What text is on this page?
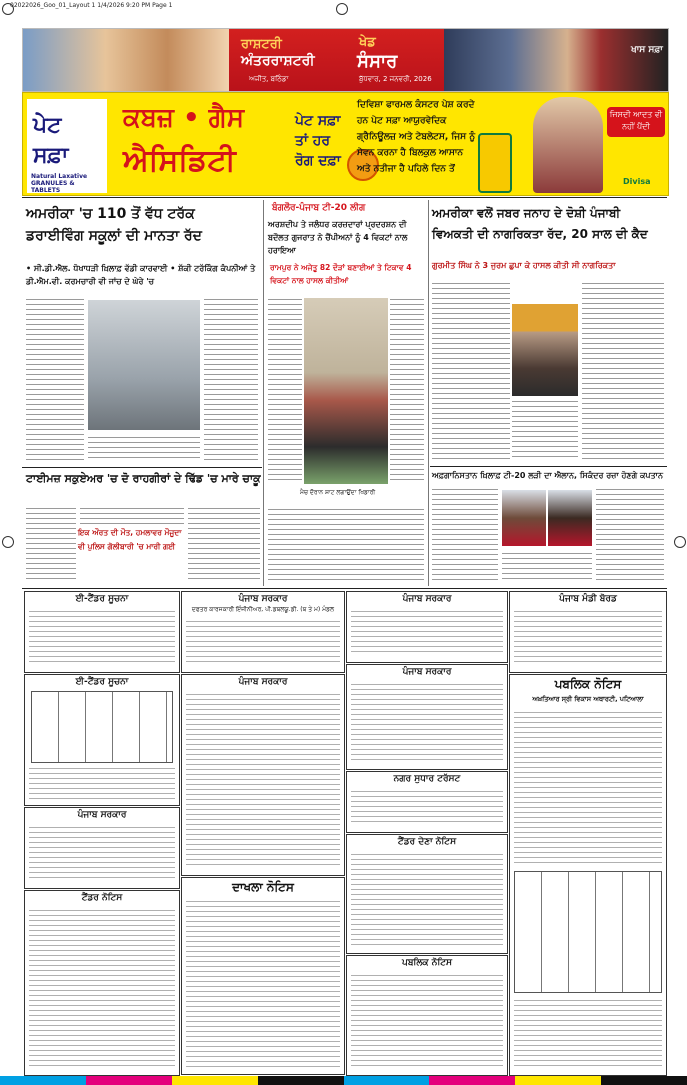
02022026_Goo_01_Layout 1 1/4/2026 9:20 PM Page 1
ਰਾਸ਼ਟਰੀ
ਅੰਤਰਰਾਸ਼ਟਰੀ
ਖੇਡ
ਸੰਸਾਰ
ਅਜੀਤ, ਬਠਿੰਡਾ	ਬੁੱਧਵਾਰ, 2 ਜਨਵਰੀ, 2026
ਖਾਸ ਸਫ਼ਾ
ਪੇਟ
ਸਫ਼ਾ
Natural Laxative GRANULES & TABLETS
ਕਬਜ਼ • ਗੈਸ
ਐਸਿਡਿਟੀ
ਪੇਟ ਸਫ਼ਾ
ਤਾਂ ਹਰ
ਰੋਗ ਦਫ਼ਾ
ਦਿਵਿਸ਼ਾ ਫਾਰਮਲ ਕੰਸਟਰ ਪੇਸ਼ ਕਰਦੇ ਹਨ ਪੇਟ ਸਫ਼ਾ ਆਯੁਰਵੇਦਿਕ ਗ੍ਰੈਨਿਊਲਜ਼ ਅਤੇ ਟੇਬਲੇਟਸ, ਜਿਸ ਨੂੰ ਸੇਵਨ ਕਰਨਾ ਹੈ ਬਿਲਕੁਲ ਆਸਾਨ ਅਤੇ ਨਤੀਜਾ ਹੈ ਪਹਿਲੇ ਦਿਨ ਤੋਂ
ਜਿਸਦੀ ਆਦਤ ਵੀ ਨਹੀਂ ਪੈਂਦੀ
Divisa
ਅਮਰੀਕਾ 'ਚ 110 ਤੋਂ ਵੱਧ ਟਰੱਕ ਡਰਾਈਵਿੰਗ ਸਕੂਲਾਂ ਦੀ ਮਾਨਤਾ ਰੱਦ
• ਸੀ.ਡੀ.ਐਲ. ਧੋਖਾਧੜੀ ਖ਼ਿਲਾਫ਼ ਵੱਡੀ ਕਾਰਵਾਈ • ਸ਼ੱਕੀ ਟਰੱਕਿੰਗ ਕੰਪਨੀਆਂ ਤੇ ਡੀ.ਐਮ.ਵੀ. ਕਰਮਚਾਰੀ ਵੀ ਜਾਂਚ ਦੇ ਘੇਰੇ 'ਚ
ਟਾਈਮਜ਼ ਸਕੁਏਅਰ 'ਚ ਦੋ ਰਾਹਗੀਰਾਂ ਦੇ ਢਿੱਡ 'ਚ ਮਾਰੇ ਚਾਕੂ
ਇਕ ਔਰਤ ਦੀ ਮੌਤ, ਹਮਲਾਵਰ ਮੌਜੂਦਾ
ਵੀ ਪੁਲਿਸ ਗੋਲੀਬਾਰੀ 'ਚ ਮਾਰੀ ਗਈ
ਬੰਗਲੌਰ-ਪੰਜਾਬ ਟੀ-20 ਲੀਗ
ਅਰਸ਼ਦੀਪ ਤੇ ਜਲੰਧਰ ਕਰਜ਼ਦਾਰਾਂ ਪ੍ਰਦਰਸ਼ਨ ਦੀ ਬਦੌਲਤ ਗੁਜਰਾਤ ਨੇ ਚੈਂਪੀਅਨਾਂ ਨੂੰ 4 ਵਿਕਟਾਂ ਨਾਲ ਹਰਾਇਆ
ਰਾਮਪੁਰ ਨੇ ਅਜੇਤੂ 82 ਦੌੜਾਂ ਬਣਾਈਆਂ ਤੇ ਟਿਕਾਵ 4 ਵਿਕਟਾਂ ਨਾਲ ਹਾਸਲ ਕੀਤੀਆਂ
ਮੈਚ ਦੌਰਾਨ ਸ਼ਾਟ ਲਗਾਉਂਦਾ ਖਿਡਾਰੀ
ਅਮਰੀਕਾ ਵਲੋਂ ਜਬਰ ਜਨਾਹ ਦੇ ਦੋਸ਼ੀ ਪੰਜਾਬੀ ਵਿਅਕਤੀ ਦੀ ਨਾਗਰਿਕਤਾ ਰੱਦ, 20 ਸਾਲ ਦੀ ਕੈਦ
ਗੁਰਮੀਤ ਸਿੰਘ ਨੇ 3 ਜੁਰਮ ਛੁਪਾ ਕੇ ਹਾਸਲ ਕੀਤੀ ਸੀ ਨਾਗਰਿਕਤਾ
ਅਫ਼ਗਾਨਿਸਤਾਨ ਖ਼ਿਲਾਫ਼ ਟੀ-20 ਲੜੀ ਦਾ ਐਲਾਨ, ਸਿਕੰਦਰ ਰਜ਼ਾ ਹੋਣਗੇ ਕਪਤਾਨ
ਈ-ਟੈਂਡਰ ਸੂਚਨਾ	ਪੰਜਾਬ ਸਰਕਾਰ
ਦਫਤਰ ਕਾਰਜਕਾਰੀ ਇੰਜੀਨੀਅਰ, ਪੀ.ਡਬਲਯੂ.ਡੀ. (ਬ ਤੇ ਮ) ਮੰਡਲ
ਪੰਜਾਬ ਸਰਕਾਰ	ਪੰਜਾਬ ਮੰਡੀ ਬੋਰਡ
ਈ-ਟੈਂਡਰ ਸੂਚਨਾ	ਪੰਜਾਬ ਸਰਕਾਰ
ਪੰਜਾਬ ਸਰਕਾਰ
ਨਗਰ ਸੁਧਾਰ ਟਰੱਸਟ
ਪਬਲਿਕ ਨੋਟਿਸ
ਅਖ਼ਤਿਆਰ ਸ੍ਰੀ ਵਿਕਾਸ ਅਥਾਰਟੀ, ਪਟਿਆਲਾ
ਪੰਜਾਬ ਸਰਕਾਰ
ਟੈਂਡਰ ਦੇਣਾ ਨੋਟਿਸ
ਦਾਖਲਾ ਨੋਟਿਸ
ਟੈਂਡਰ ਨੋਟਿਸ
ਪਬਲਿਕ ਨੋਟਿਸ
